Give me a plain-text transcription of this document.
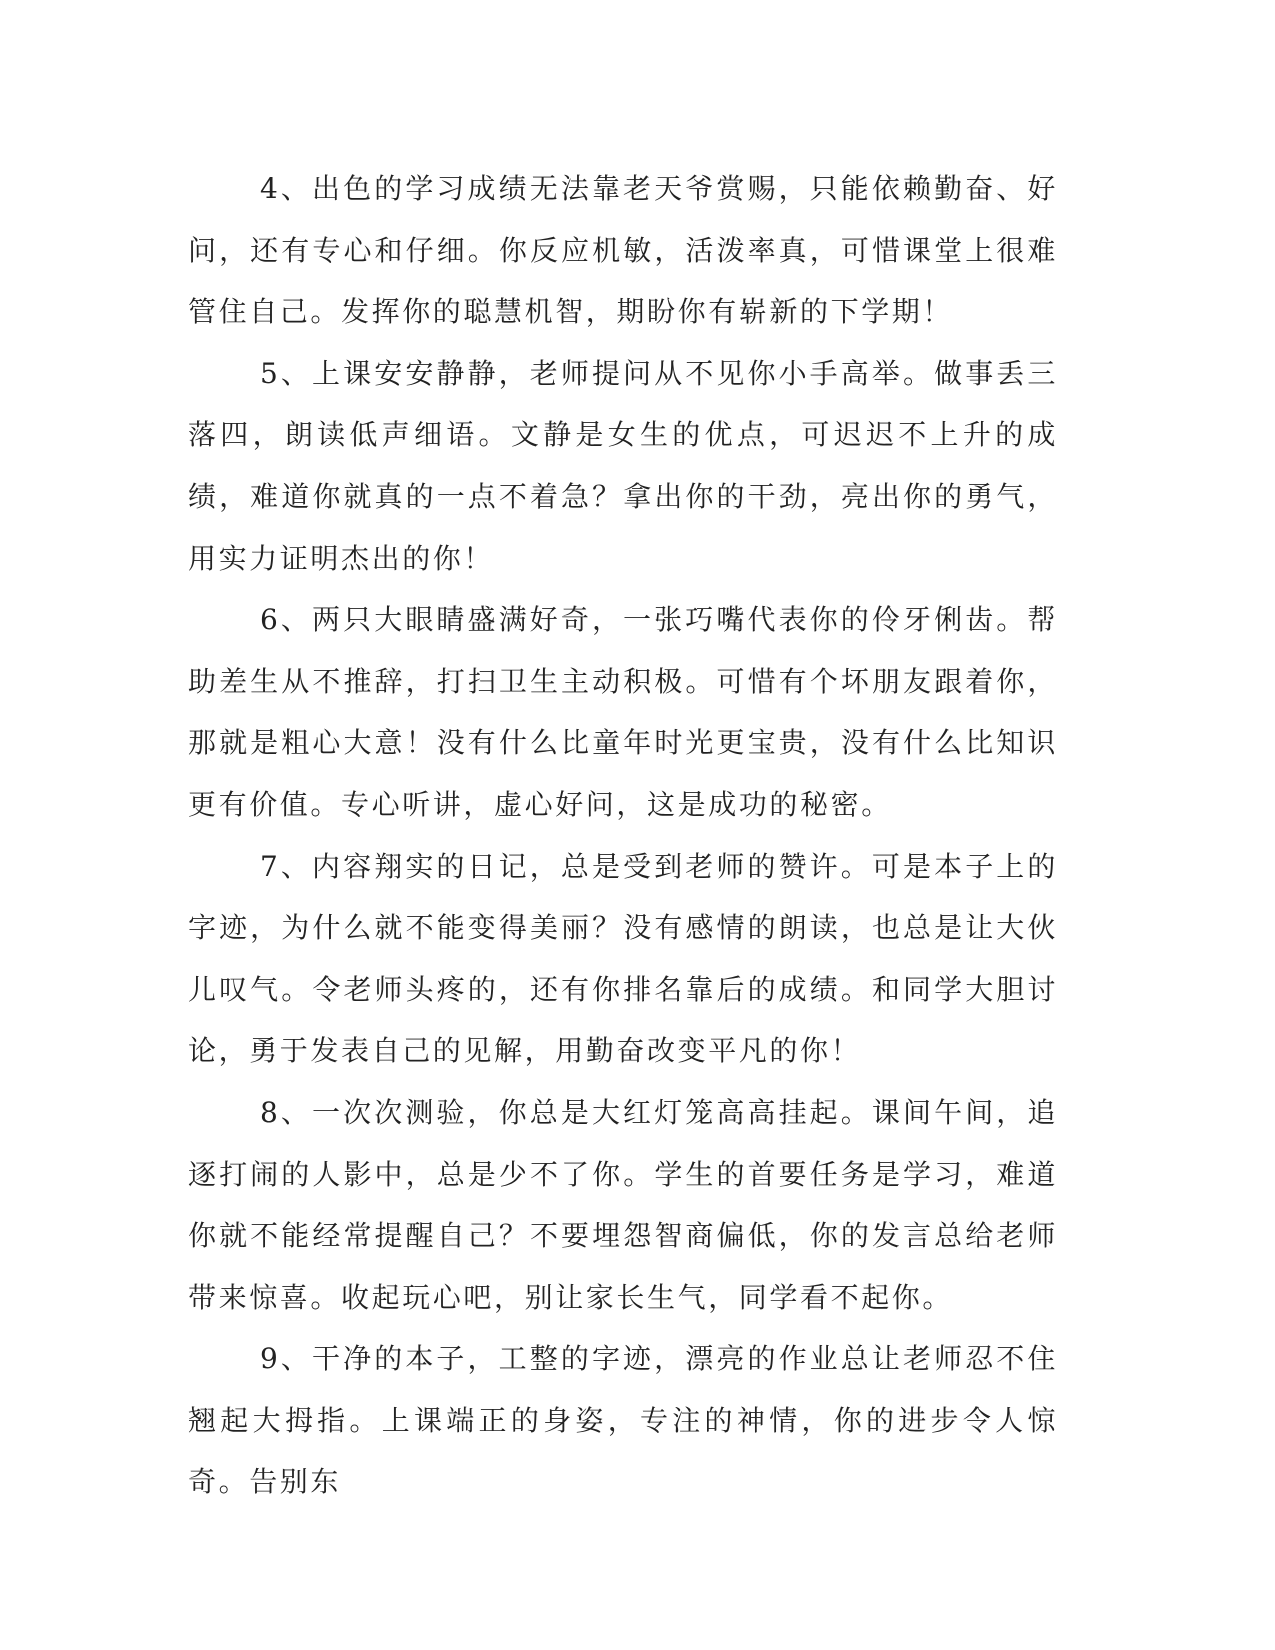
4、出色的学习成绩无法靠老天爷赏赐，只能依赖勤奋、好问，还有专心和仔细。你反应机敏，活泼率真，可惜课堂上很难管住自己。发挥你的聪慧机智，期盼你有崭新的下学期！

5、上课安安静静，老师提问从不见你小手高举。做事丢三落四，朗读低声细语。文静是女生的优点，可迟迟不上升的成绩，难道你就真的一点不着急？拿出你的干劲，亮出你的勇气，用实力证明杰出的你！

6、两只大眼睛盛满好奇，一张巧嘴代表你的伶牙俐齿。帮助差生从不推辞，打扫卫生主动积极。可惜有个坏朋友跟着你，那就是粗心大意！没有什么比童年时光更宝贵，没有什么比知识更有价值。专心听讲，虚心好问，这是成功的秘密。

7、内容翔实的日记，总是受到老师的赞许。可是本子上的字迹，为什么就不能变得美丽？没有感情的朗读，也总是让大伙儿叹气。令老师头疼的，还有你排名靠后的成绩。和同学大胆讨论，勇于发表自己的见解，用勤奋改变平凡的你！

8、一次次测验，你总是大红灯笼高高挂起。课间午间，追逐打闹的人影中，总是少不了你。学生的首要任务是学习，难道你就不能经常提醒自己？不要埋怨智商偏低，你的发言总给老师带来惊喜。收起玩心吧，别让家长生气，同学看不起你。

9、干净的本子，工整的字迹，漂亮的作业总让老师忍不住翘起大拇指。上课端正的身姿，专注的神情，你的进步令人惊奇。告别东
